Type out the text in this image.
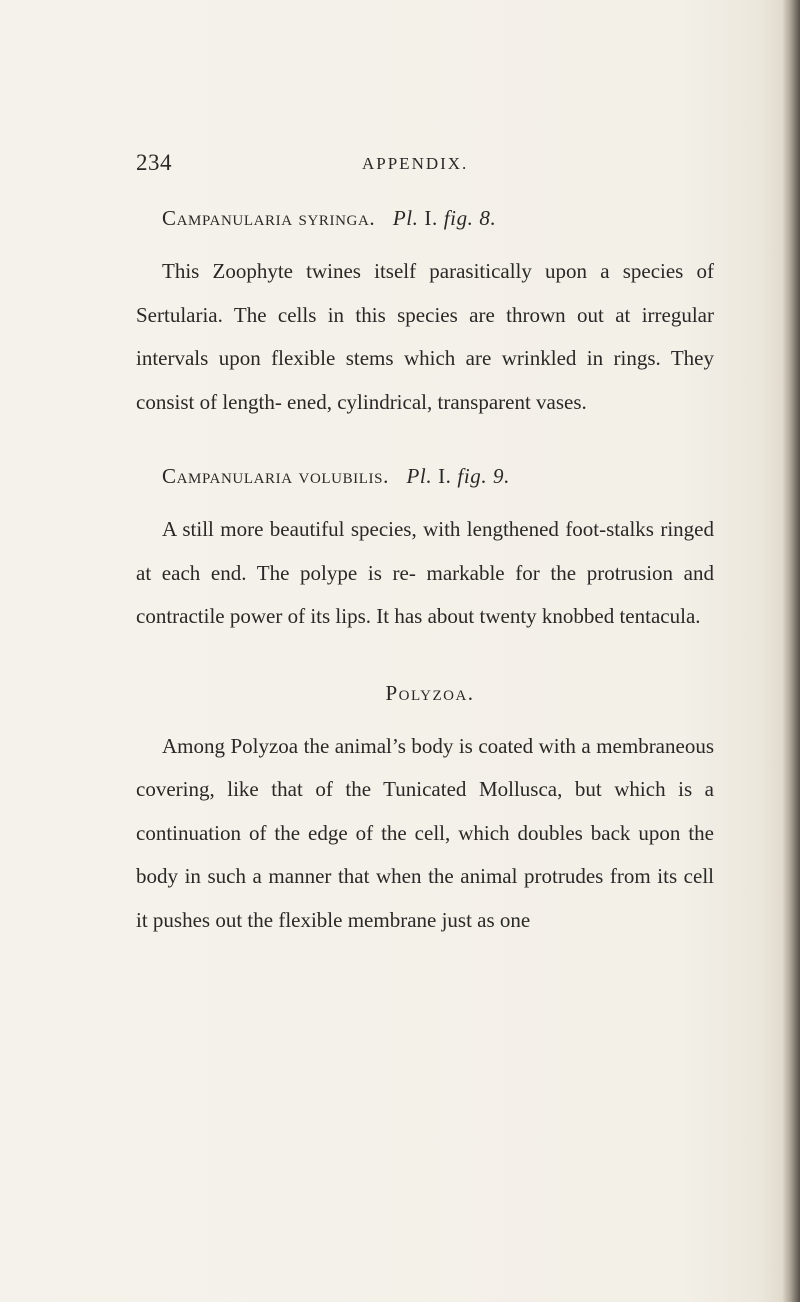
234	APPENDIX.
Campanularia syringa. Pl. I. fig. 8.

This Zoophyte twines itself parasitically upon a species of Sertularia. The cells in this species are thrown out at irregular intervals upon flexible stems which are wrinkled in rings. They consist of length- ened, cylindrical, transparent vases.

Campanularia volubilis. Pl. I. fig. 9.

A still more beautiful species, with lengthened foot-stalks ringed at each end. The polype is re- markable for the protrusion and contractile power of its lips. It has about twenty knobbed tentacula.

Polyzoa.

Among Polyzoa the animal’s body is coated with a membraneous covering, like that of the Tunicated Mollusca, but which is a continuation of the edge of the cell, which doubles back upon the body in such a manner that when the animal protrudes from its cell it pushes out the flexible membrane just as one
